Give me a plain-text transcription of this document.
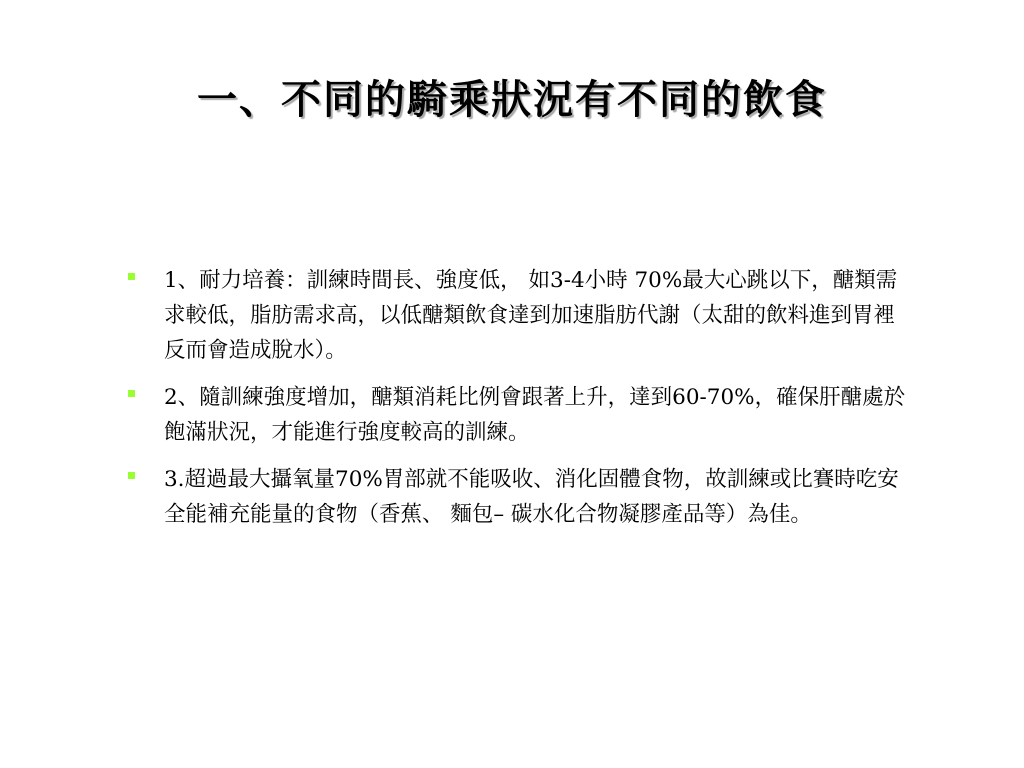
一、不同的騎乘狀況有不同的飲食
1、耐力培養：訓練時間長、強度低， 如3-4小時 70%最大心跳以下，醣類需求較低，脂肪需求高，以低醣類飲食達到加速脂肪代謝（太甜的飲料進到胃裡反而會造成脫水）。
2、隨訓練強度增加，醣類消耗比例會跟著上升，達到60-70%，確保肝醣處於飽滿狀況，才能進行強度較高的訓練。
3.超過最大攝氧量70%胃部就不能吸收、消化固體食物，故訓練或比賽時吃安全能補充能量的食物（香蕉、 麵包– 碳水化合物凝膠產品等）為佳。
